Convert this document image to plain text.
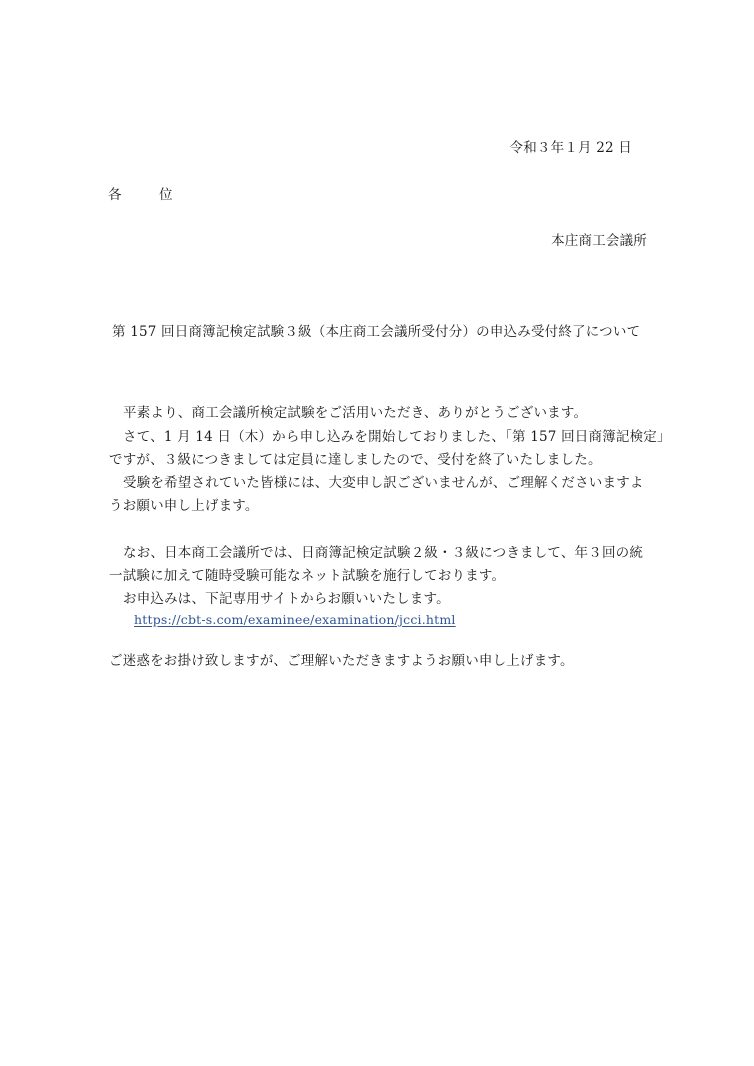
令和３年１月 22 日
各　位
本庄商工会議所
第 157 回日商簿記検定試験３級（本庄商工会議所受付分）の申込み受付終了について
平素より、商工会議所検定試験をご活用いただき、ありがとうございます。
さて、1 月 14 日（木）から申し込みを開始しておりました、「第 157 回日商簿記検定」
ですが、３級につきましては定員に達しましたので、受付を終了いたしました。
受験を希望されていた皆様には、大変申し訳ございませんが、ご理解くださいますよ
うお願い申し上げます。
なお、日本商工会議所では、日商簿記検定試験２級・３級につきまして、年３回の統
一試験に加えて随時受験可能なネット試験を施行しております。
お申込みは、下記専用サイトからお願いいたします。
https://cbt-s.com/examinee/examination/jcci.html
ご迷惑をお掛け致しますが、ご理解いただきますようお願い申し上げます。
